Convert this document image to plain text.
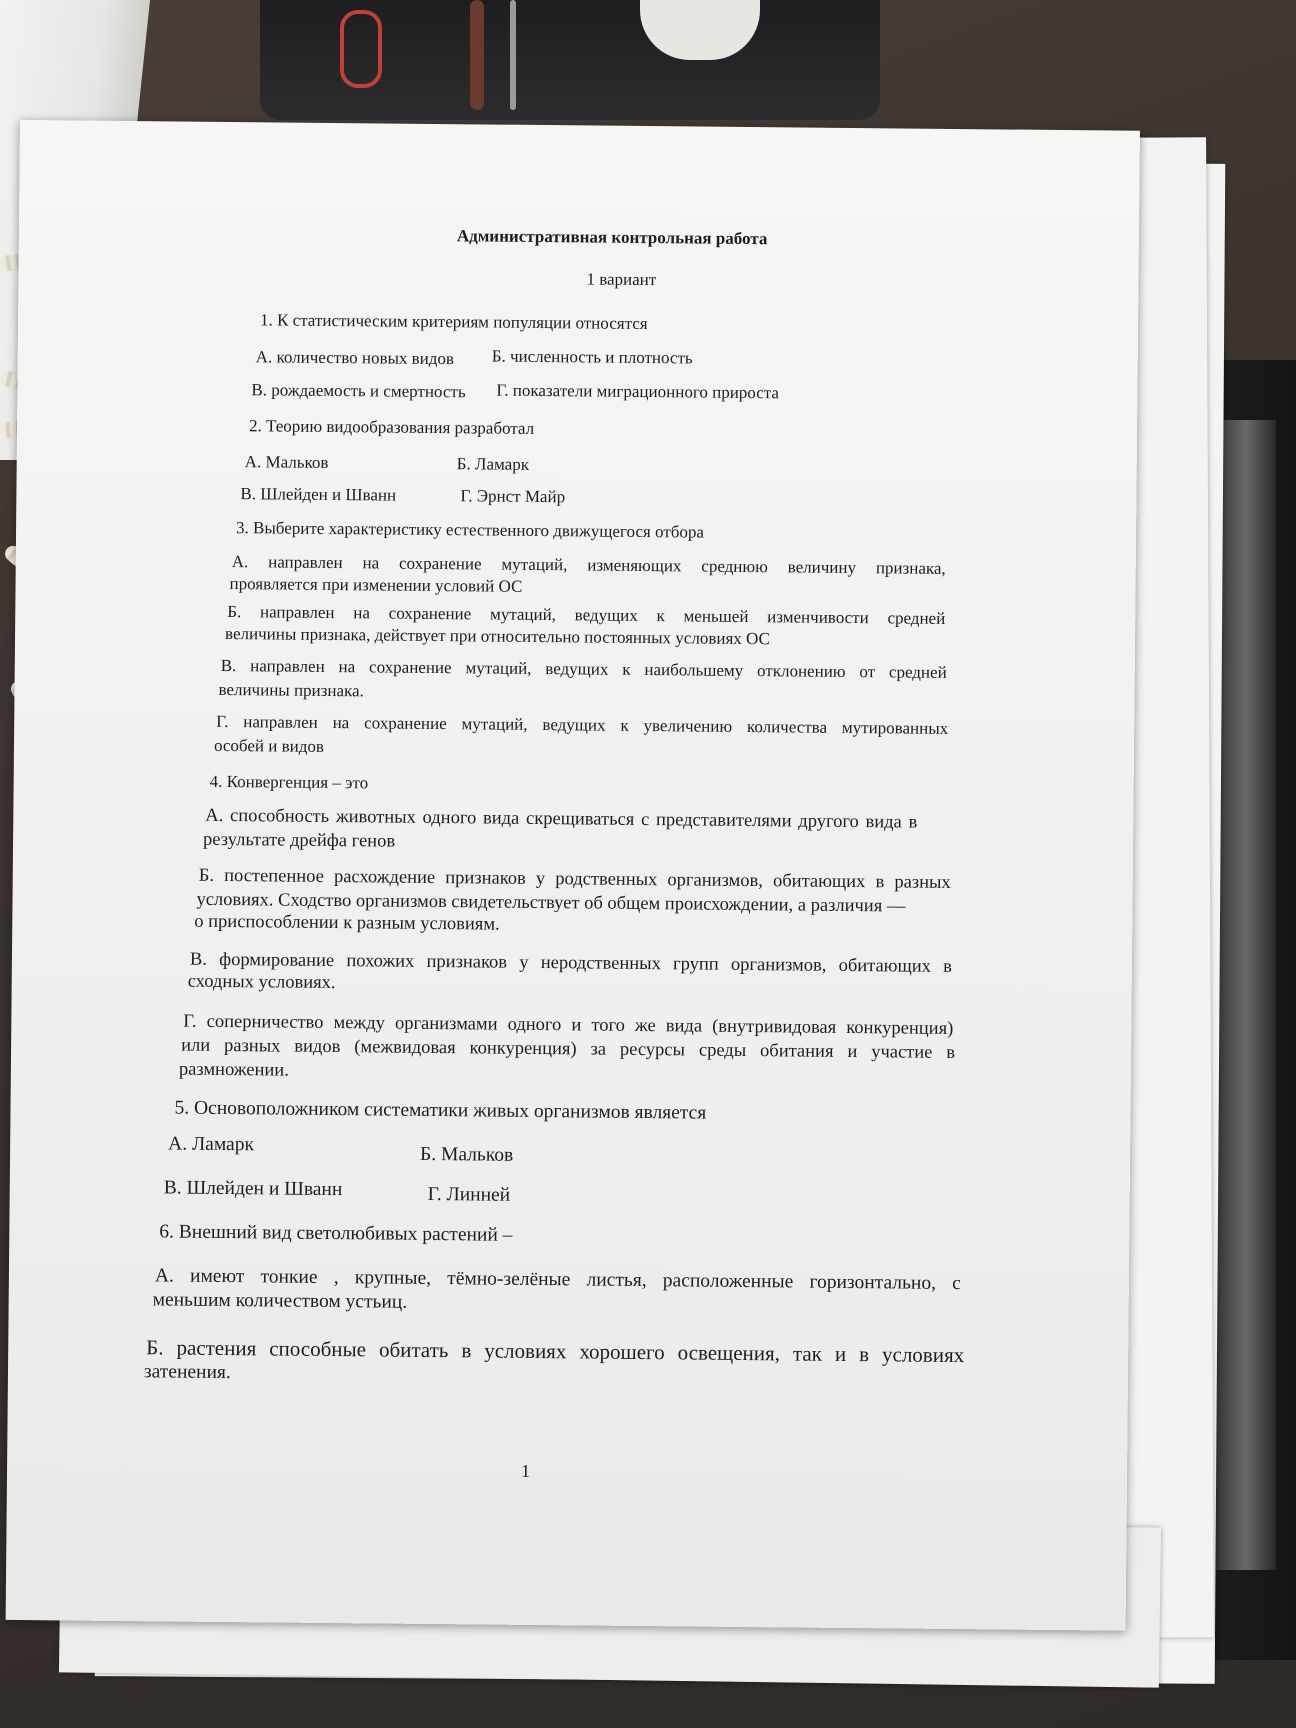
Административная контрольная работа
1 вариант
1. К статистическим критериям популяции относятся
А. количество новых видов Б. численность и плотность
В. рождаемость и смертность Г. показатели миграционного прироста
2. Теорию видообразования разработал
А. Мальков	Б. Ламарк
В. Шлейден и Шванн	Г. Эрнст Майр
3. Выберите характеристику естественного движущегося отбора
А. направлен на сохранение мутаций, изменяющих среднюю величину признака,
проявляется при изменении условий ОС
Б. направлен на сохранение мутаций, ведущих к меньшей изменчивости средней
величины признака, действует при относительно постоянных условиях ОС
В. направлен на сохранение мутаций, ведущих к наибольшему отклонению от средней
величины признака.
Г. направлен на сохранение мутаций, ведущих к увеличению количества мутированных
особей и видов
4. Конвергенция – это
А. способность животных одного вида скрещиваться с представителями другого вида в
результате дрейфа генов
Б. постепенное расхождение признаков у родственных организмов, обитающих в разных
условиях. Сходство организмов свидетельствует об общем происхождении, а различия —
о приспособлении к разным условиям.
В. формирование похожих признаков у неродственных групп организмов, обитающих в
сходных условиях.
Г. соперничество между организмами одного и того же вида (внутривидовая конкуренция)
или разных видов (межвидовая конкуренция) за ресурсы среды обитания и участие в
размножении.
5. Основоположником систематики живых организмов является
А. Ламарк	Б. Мальков
В. Шлейден и Шванн	Г. Линней
6. Внешний вид светолюбивых растений –
А. имеют тонкие , крупные, тёмно-зелёные листья, расположенные горизонтально, с
меньшим количеством устьиц.
Б. растения способные обитать в условиях хорошего освещения, так и в условиях
затенения.
1
